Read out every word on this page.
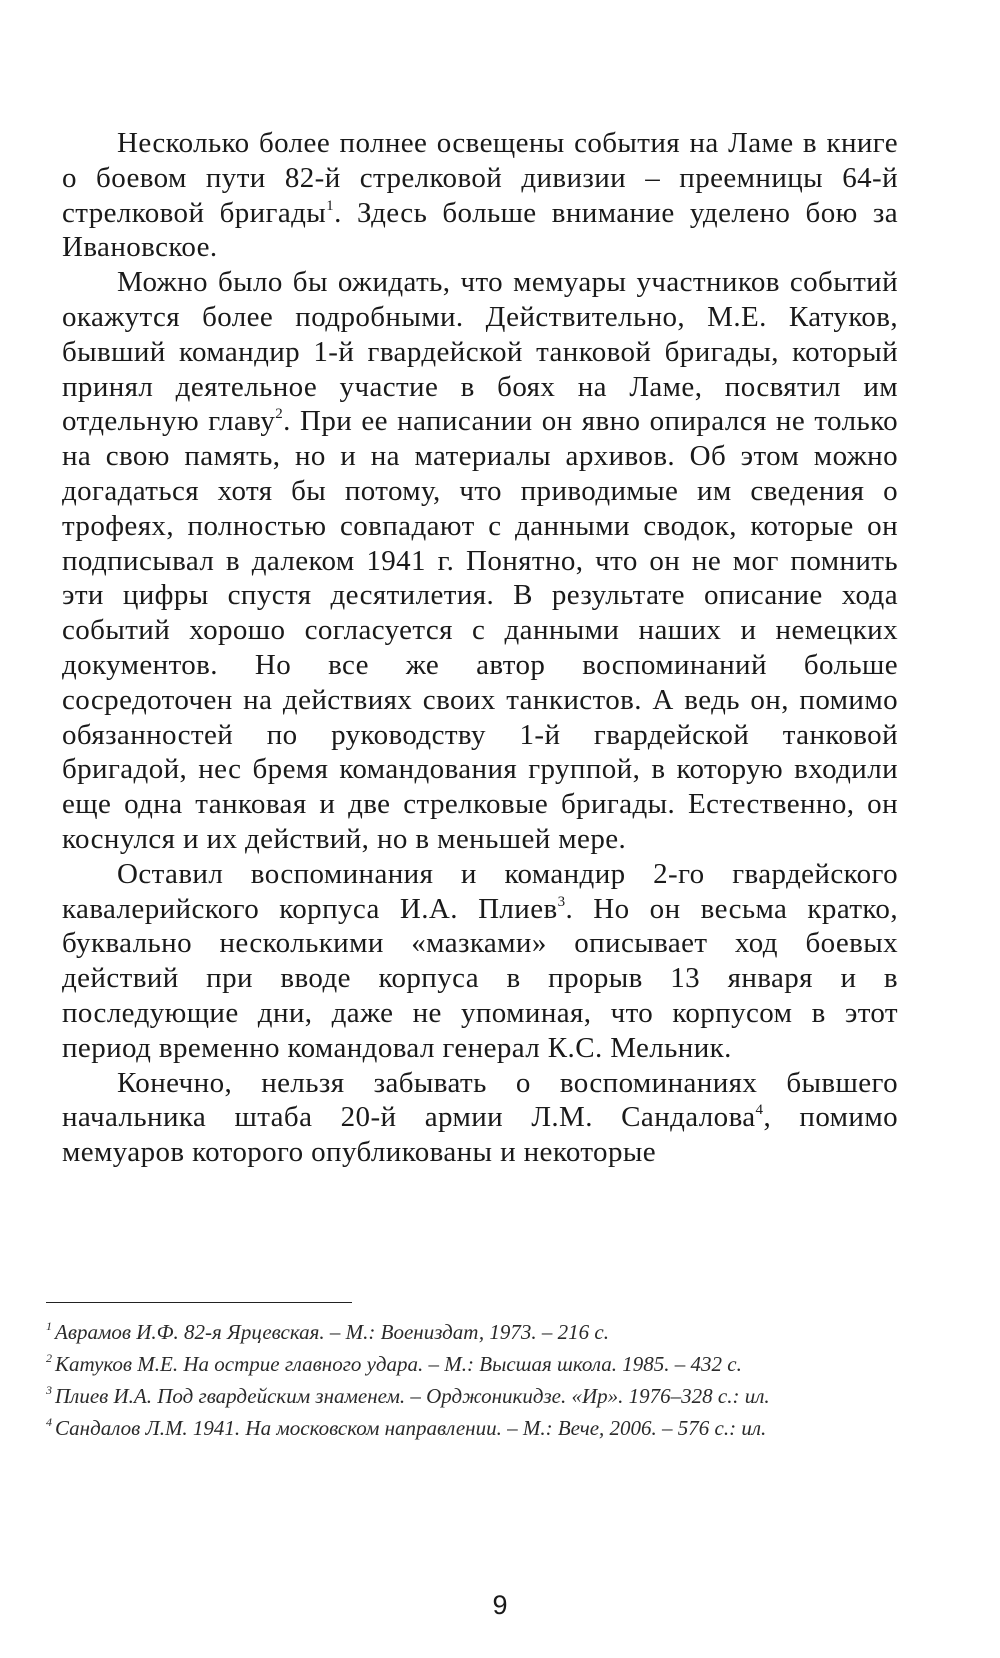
Несколько более полнее освещены события на Ламе в книге о боевом пути 82-й стрелковой дивизии – преемницы 64-й стрелковой бригады$^1$. Здесь больше внимание уделено бою за Ивановское.

Можно было бы ожидать, что мемуары участников событий окажутся более подробными. Действительно, М.Е. Катуков, бывший командир 1-й гвардейской танковой бригады, который принял деятельное участие в боях на Ламе, посвятил им отдельную главу$^2$. При ее написании он явно опирался не только на свою память, но и на материалы архивов. Об этом можно догадаться хотя бы потому, что приводимые им сведения о трофеях, полностью совпадают с данными сводок, которые он подписывал в далеком 1941 г. Понятно, что он не мог помнить эти цифры спустя десятилетия. В результате описание хода событий хорошо согласуется с данными наших и немецких документов. Но все же автор воспоминаний больше сосредоточен на действиях своих танкистов. А ведь он, помимо обязанностей по руководству 1-й гвардейской танковой бригадой, нес бремя командования группой, в которую входили еще одна танковая и две стрелковые бригады. Естественно, он коснулся и их действий, но в меньшей мере.

Оставил воспоминания и командир 2-го гвардейского кавалерийского корпуса И.А. Плиев$^3$. Но он весьма кратко, буквально несколькими «мазками» описывает ход боевых действий при вводе корпуса в прорыв 13 января и в последующие дни, даже не упоминая, что корпусом в этот период временно командовал генерал К.С. Мельник.

Конечно, нельзя забывать о воспоминаниях бывшего начальника штаба 20-й армии Л.М. Сандалова$^4$, помимо мемуаров которого опубликованы и некоторые

$^1$ Аврамов И.Ф. 82-я Ярцевская. – М.: Воениздат, 1973. – 216 с.
$^2$ Катуков М.Е. На острие главного удара. – М.: Высшая школа. 1985. – 432 с.
$^3$ Плиев И.А. Под гвардейским знаменем. – Орджоникидзе. «Ир». 1976–328 с.: ил.
$^4$ Сандалов Л.М. 1941. На московском направлении. – М.: Вече, 2006. – 576 с.: ил.
9
